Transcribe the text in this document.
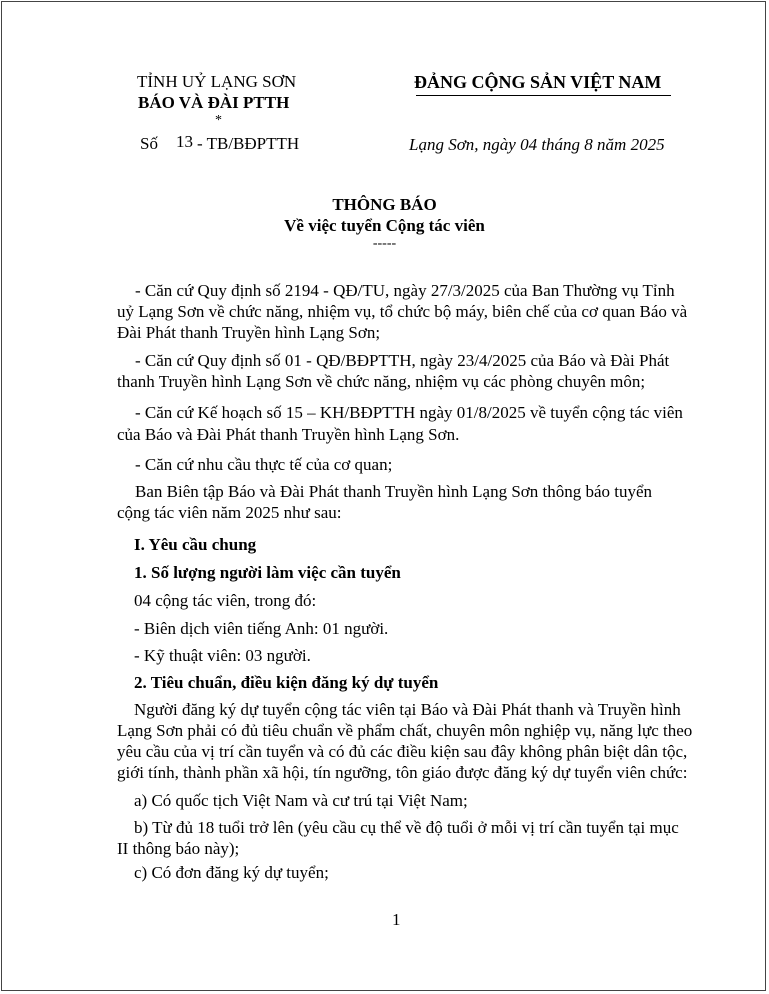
TỈNH UỶ LẠNG SƠN
BÁO VÀ ĐÀI PTTH
*
Số 13 - TB/BĐPTTH
ĐẢNG CỘNG SẢN VIỆT NAM
Lạng Sơn, ngày 04 tháng 8 năm 2025
THÔNG BÁO
Về việc tuyển Cộng tác viên
-----
- Căn cứ Quy định số 2194 - QĐ/TU, ngày 27/3/2025 của Ban Thường vụ Tỉnh
uỷ Lạng Sơn về chức năng, nhiệm vụ, tổ chức bộ máy, biên chế của cơ quan Báo và
Đài Phát thanh Truyền hình Lạng Sơn;
- Căn cứ Quy định số 01 - QĐ/BĐPTTH, ngày 23/4/2025 của Báo và Đài Phát
thanh Truyền hình Lạng Sơn về chức năng, nhiệm vụ các phòng chuyên môn;
- Căn cứ Kế hoạch số 15 – KH/BĐPTTH ngày 01/8/2025 về tuyển cộng tác viên
của Báo và Đài Phát thanh Truyền hình Lạng Sơn.
- Căn cứ nhu cầu thực tế của cơ quan;
Ban Biên tập Báo và Đài Phát thanh Truyền hình Lạng Sơn thông báo tuyển
cộng tác viên năm 2025 như sau:
I. Yêu cầu chung
1. Số lượng người làm việc cần tuyển
04 cộng tác viên, trong đó:
- Biên dịch viên tiếng Anh: 01 người.
- Kỹ thuật viên: 03 người.
2. Tiêu chuẩn, điều kiện đăng ký dự tuyển
Người đăng ký dự tuyển cộng tác viên tại Báo và Đài Phát thanh và Truyền hình
Lạng Sơn phải có đủ tiêu chuẩn về phẩm chất, chuyên môn nghiệp vụ, năng lực theo
yêu cầu của vị trí cần tuyển và có đủ các điều kiện sau đây không phân biệt dân tộc,
giới tính, thành phần xã hội, tín ngưỡng, tôn giáo được đăng ký dự tuyển viên chức:
a) Có quốc tịch Việt Nam và cư trú tại Việt Nam;
b) Từ đủ 18 tuổi trở lên (yêu cầu cụ thể về độ tuổi ở mỗi vị trí cần tuyển tại mục
II thông báo này);
c) Có đơn đăng ký dự tuyển;
1
